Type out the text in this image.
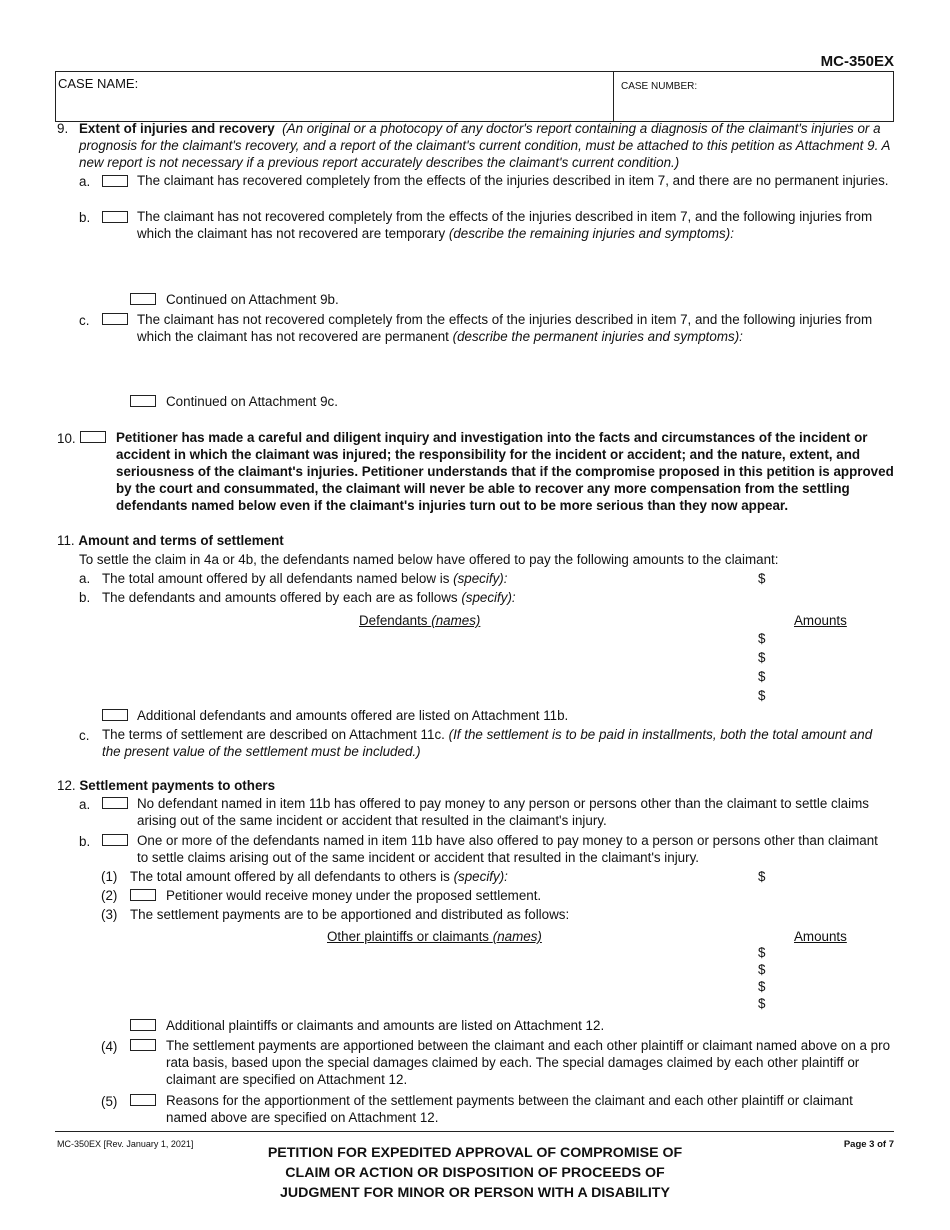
MC-350EX
CASE NAME:	CASE NUMBER:
9. Extent of injuries and recovery (An original or a photocopy of any doctor's report containing a diagnosis of the claimant's injuries or a prognosis for the claimant's recovery, and a report of the claimant's current condition, must be attached to this petition as Attachment 9. A new report is not necessary if a previous report accurately describes the claimant's current condition.)
a.	The claimant has recovered completely from the effects of the injuries described in item 7, and there are no permanent injuries.
b.	The claimant has not recovered completely from the effects of the injuries described in item 7, and the following injuries from which the claimant has not recovered are temporary (describe the remaining injuries and symptoms):
Continued on Attachment 9b.
c.	The claimant has not recovered completely from the effects of the injuries described in item 7, and the following injuries from which the claimant has not recovered are permanent (describe the permanent injuries and symptoms):
Continued on Attachment 9c.
10.	Petitioner has made a careful and diligent inquiry and investigation into the facts and circumstances of the incident or accident in which the claimant was injured; the responsibility for the incident or accident; and the nature, extent, and seriousness of the claimant's injuries. Petitioner understands that if the compromise proposed in this petition is approved by the court and consummated, the claimant will never be able to recover any more compensation from the settling defendants named below even if the claimant's injuries turn out to be more serious than they now appear.
11. Amount and terms of settlement
To settle the claim in 4a or 4b, the defendants named below have offered to pay the following amounts to the claimant:
a. The total amount offered by all defendants named below is (specify):	$
b. The defendants and amounts offered by each are as follows (specify):
Defendants (names)	Amounts
$
$
$
$
Additional defendants and amounts offered are listed on Attachment 11b.
c. The terms of settlement are described on Attachment 11c. (If the settlement is to be paid in installments, both the total amount and the present value of the settlement must be included.)
12. Settlement payments to others
a.	No defendant named in item 11b has offered to pay money to any person or persons other than the claimant to settle claims arising out of the same incident or accident that resulted in the claimant's injury.
b.	One or more of the defendants named in item 11b have also offered to pay money to a person or persons other than claimant to settle claims arising out of the same incident or accident that resulted in the claimant's injury.
(1) The total amount offered by all defendants to others is (specify):	$
(2)	Petitioner would receive money under the proposed settlement.
(3) The settlement payments are to be apportioned and distributed as follows:
Other plaintiffs or claimants (names)	Amounts
$
$
$
$
Additional plaintiffs or claimants and amounts are listed on Attachment 12.
(4)	The settlement payments are apportioned between the claimant and each other plaintiff or claimant named above on a pro rata basis, based upon the special damages claimed by each. The special damages claimed by each other plaintiff or claimant are specified on Attachment 12.
(5)	Reasons for the apportionment of the settlement payments between the claimant and each other plaintiff or claimant named above are specified on Attachment 12.
MC-350EX [Rev. January 1, 2021]	Page 3 of 7
PETITION FOR EXPEDITED APPROVAL OF COMPROMISE OF
CLAIM OR ACTION OR DISPOSITION OF PROCEEDS OF
JUDGMENT FOR MINOR OR PERSON WITH A DISABILITY
